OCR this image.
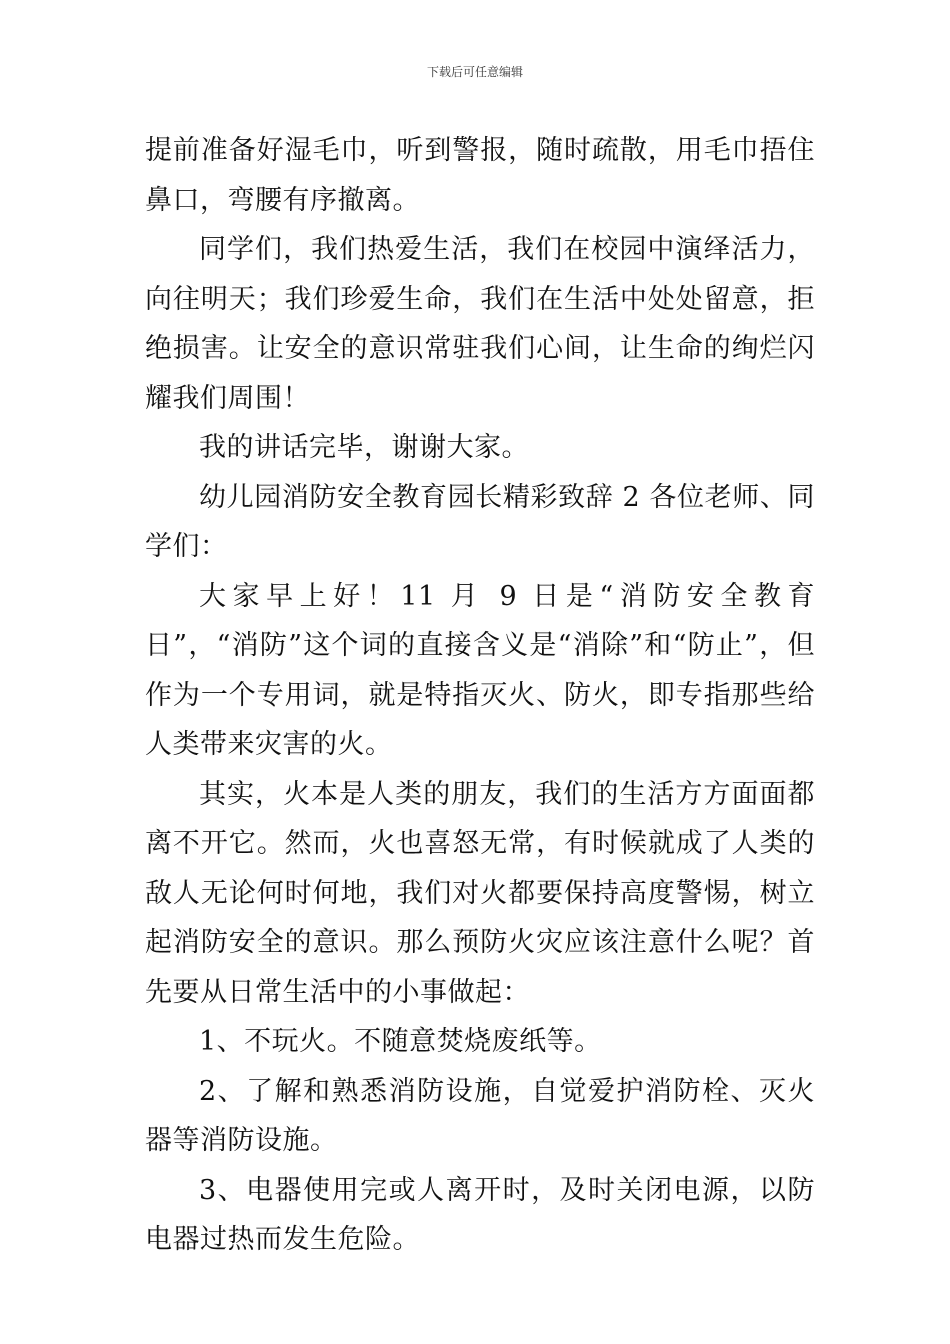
下载后可任意编辑

提前准备好湿毛巾，听到警报，随时疏散，用毛巾捂住鼻口，弯腰有序撤离。

同学们，我们热爱生活，我们在校园中演绎活力，向往明天；我们珍爱生命，我们在生活中处处留意，拒绝损害。让安全的意识常驻我们心间，让生命的绚烂闪耀我们周围！

我的讲话完毕，谢谢大家。

幼儿园消防安全教育园长精彩致辞 2 各位老师、同学们：

大家早上好！11 月 9 日是“消防安全教育日”，“消防”这个词的直接含义是“消除”和“防止”，但作为一个专用词，就是特指灭火、防火，即专指那些给人类带来灾害的火。

其实，火本是人类的朋友，我们的生活方方面面都离不开它。然而，火也喜怒无常，有时候就成了人类的敌人无论何时何地，我们对火都要保持高度警惕，树立起消防安全的意识。那么预防火灾应该注意什么呢？首先要从日常生活中的小事做起：

1、不玩火。不随意焚烧废纸等。

2、了解和熟悉消防设施，自觉爱护消防栓、灭火器等消防设施。

3、电器使用完或人离开时，及时关闭电源，以防电器过热而发生危险。
